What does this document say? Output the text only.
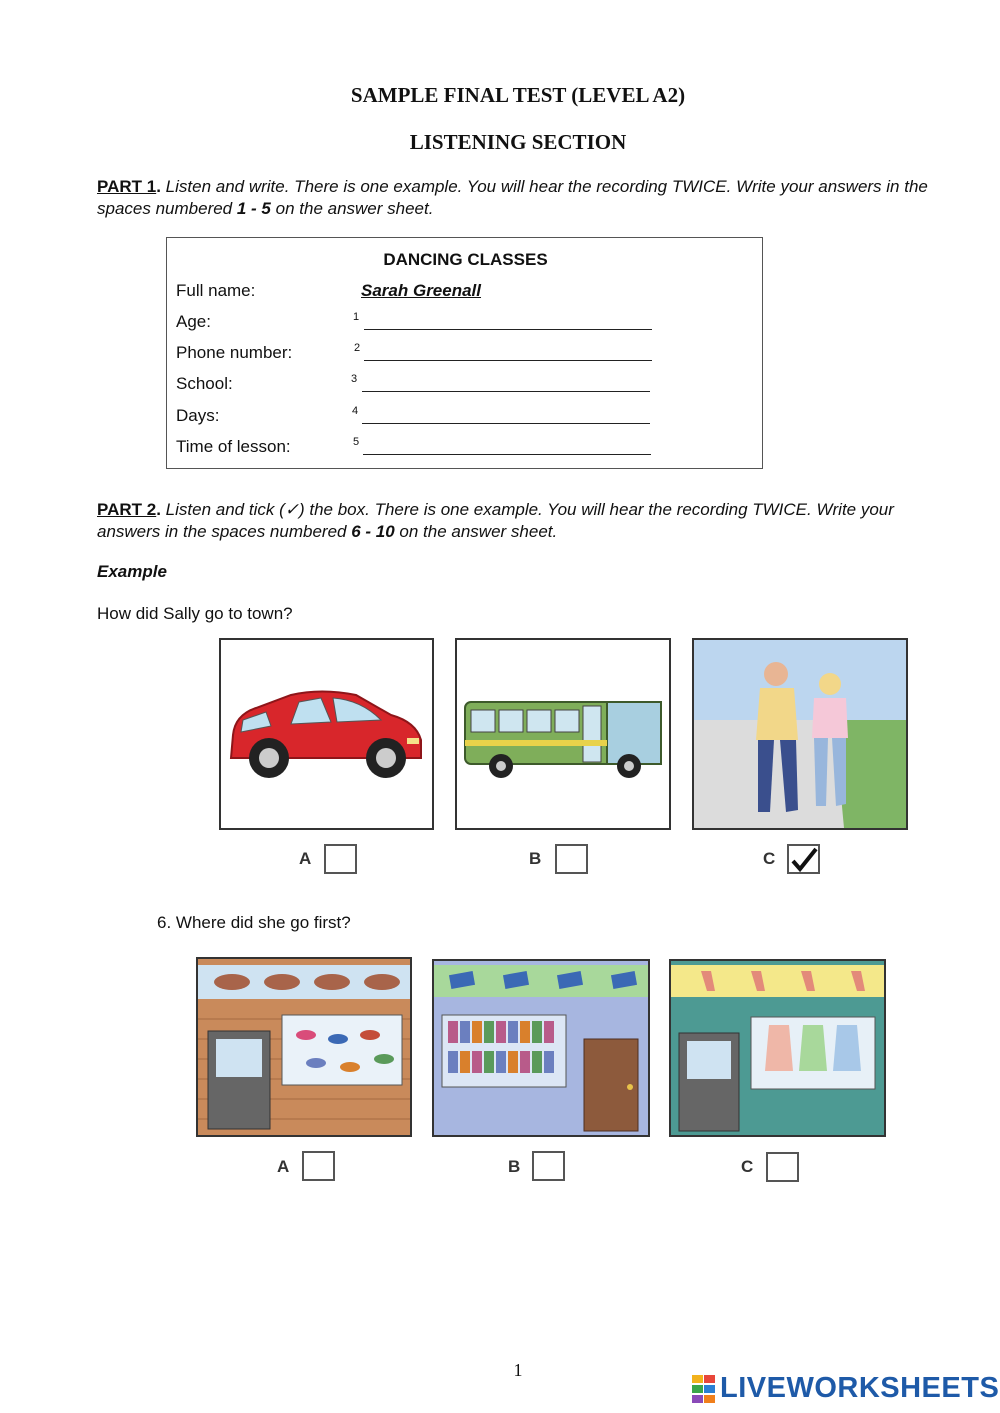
SAMPLE FINAL TEST (LEVEL A2)
LISTENING SECTION
PART 1. Listen and write. There is one example. You will hear the recording TWICE. Write your answers in the spaces numbered 1 - 5 on the answer sheet.
DANCING CLASSES
Full name:	Sarah Greenall
Age:	1
Phone number:	2
School:	3
Days:	4
Time of lesson:	5
PART 2. Listen and tick (✓) the box. There is one example. You will hear the recording TWICE. Write your answers in the spaces numbered 6 - 10 on the answer sheet.
Example
How did Sally go to town?
A	B	C
6. Where did she go first?
A	B	C
1
LIVEWORKSHEETS
